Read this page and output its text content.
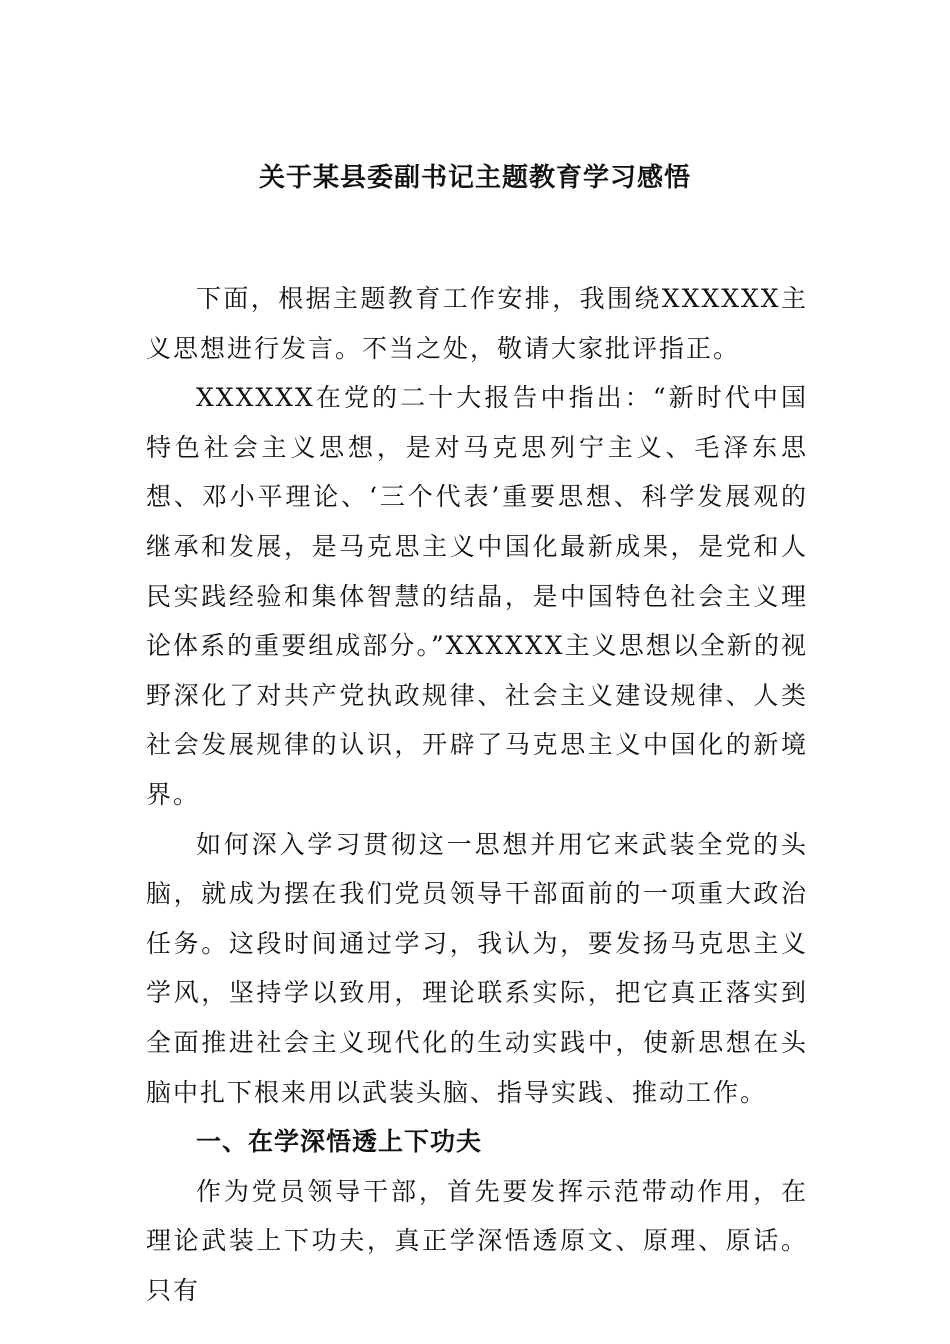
关于某县委副书记主题教育学习感悟

下面，根据主题教育工作安排，我围绕XXXXXX主义思想进行发言。不当之处，敬请大家批评指正。

XXXXXX在党的二十大报告中指出：“新时代中国特色社会主义思想，是对马克思列宁主义、毛泽东思想、邓小平理论、‘三个代表’重要思想、科学发展观的继承和发展，是马克思主义中国化最新成果，是党和人民实践经验和集体智慧的结晶，是中国特色社会主义理论体系的重要组成部分。”XXXXXX主义思想以全新的视野深化了对共产党执政规律、社会主义建设规律、人类社会发展规律的认识，开辟了马克思主义中国化的新境界。

如何深入学习贯彻这一思想并用它来武装全党的头脑，就成为摆在我们党员领导干部面前的一项重大政治任务。这段时间通过学习，我认为，要发扬马克思主义学风，坚持学以致用，理论联系实际，把它真正落实到全面推进社会主义现代化的生动实践中，使新思想在头脑中扎下根来用以武装头脑、指导实践、推动工作。

一、在学深悟透上下功夫

作为党员领导干部，首先要发挥示范带动作用，在理论武装上下功夫，真正学深悟透原文、原理、原话。只有
